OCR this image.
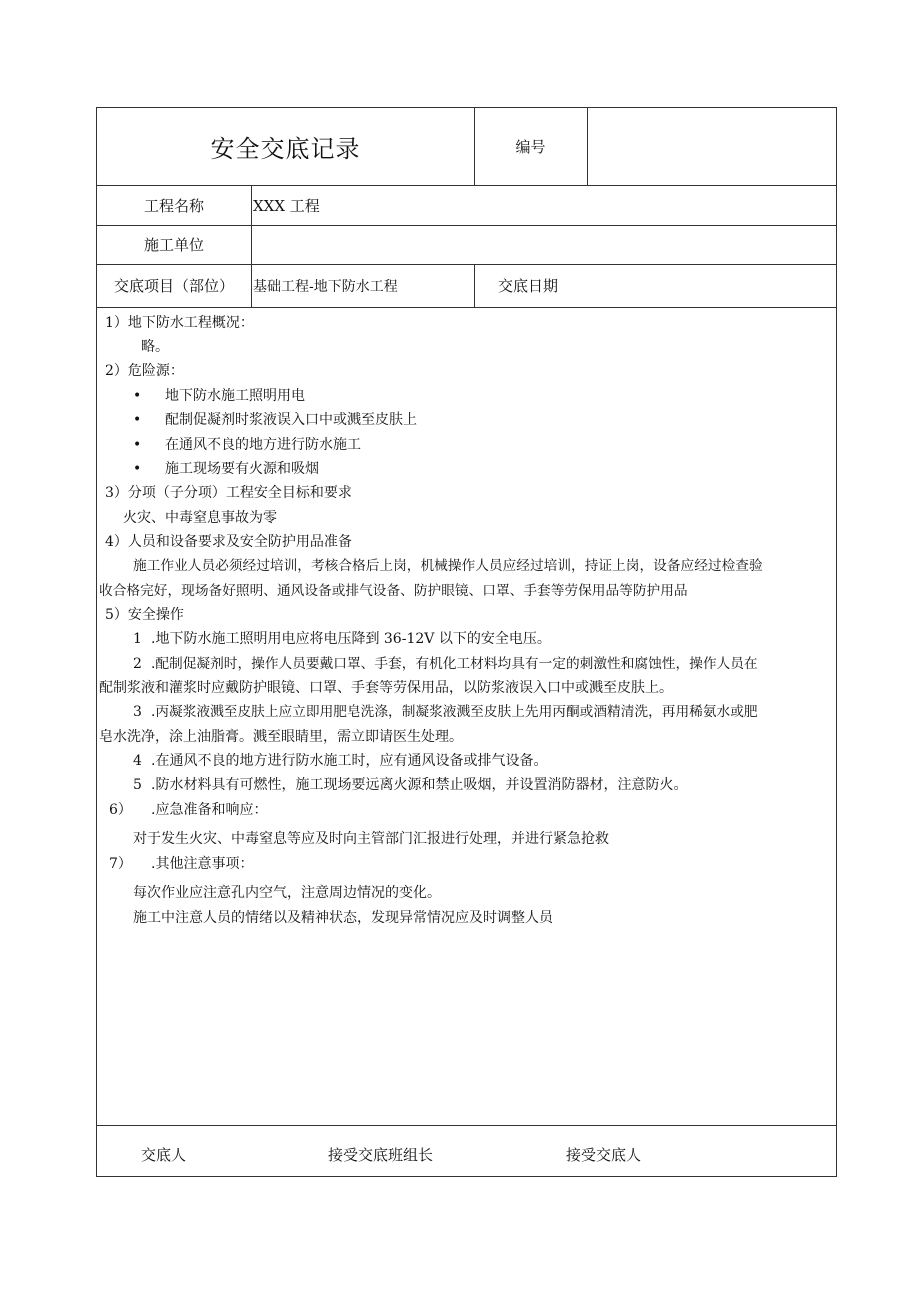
安全交底记录	编号
工程名称	XXX 工程
施工单位
交底项目（部位）	基础工程-地下防水工程	交底日期
1）地下防水工程概况：
略。
2）危险源：
• 地下防水施工照明用电
• 配制促凝剂时浆液误入口中或溅至皮肤上
• 在通风不良的地方进行防水施工
• 施工现场要有火源和吸烟
3）分项（子分项）工程安全目标和要求
火灾、中毒窒息事故为零
4）人员和设备要求及安全防护用品准备
施工作业人员必须经过培训，考核合格后上岗，机械操作人员应经过培训，持证上岗，设备应经过检查验
收合格完好，现场备好照明、通风设备或排气设备、防护眼镜、口罩、手套等劳保用品等防护用品
5）安全操作
1 .地下防水施工照明用电应将电压降到 36-12V 以下的安全电压。
2 .配制促凝剂时，操作人员要戴口罩、手套，有机化工材料均具有一定的刺激性和腐蚀性，操作人员在
配制浆液和灌浆时应戴防护眼镜、口罩、手套等劳保用品，以防浆液误入口中或溅至皮肤上。
3 .丙凝浆液溅至皮肤上应立即用肥皂洗涤，制凝浆液溅至皮肤上先用丙酮或酒精清洗，再用稀氨水或肥
皂水洗净，涂上油脂膏。溅至眼睛里，需立即请医生处理。
4 .在通风不良的地方进行防水施工时，应有通风设备或排气设备。
5 .防水材料具有可燃性，施工现场要远离火源和禁止吸烟，并设置消防器材，注意防火。
6） .应急准备和响应：
对于发生火灾、中毒窒息等应及时向主管部门汇报进行处理，并进行紧急抢救
7） .其他注意事项：
每次作业应注意孔内空气，注意周边情况的变化。
施工中注意人员的情绪以及精神状态，发现异常情况应及时调整人员
交底人	接受交底班组长	接受交底人
